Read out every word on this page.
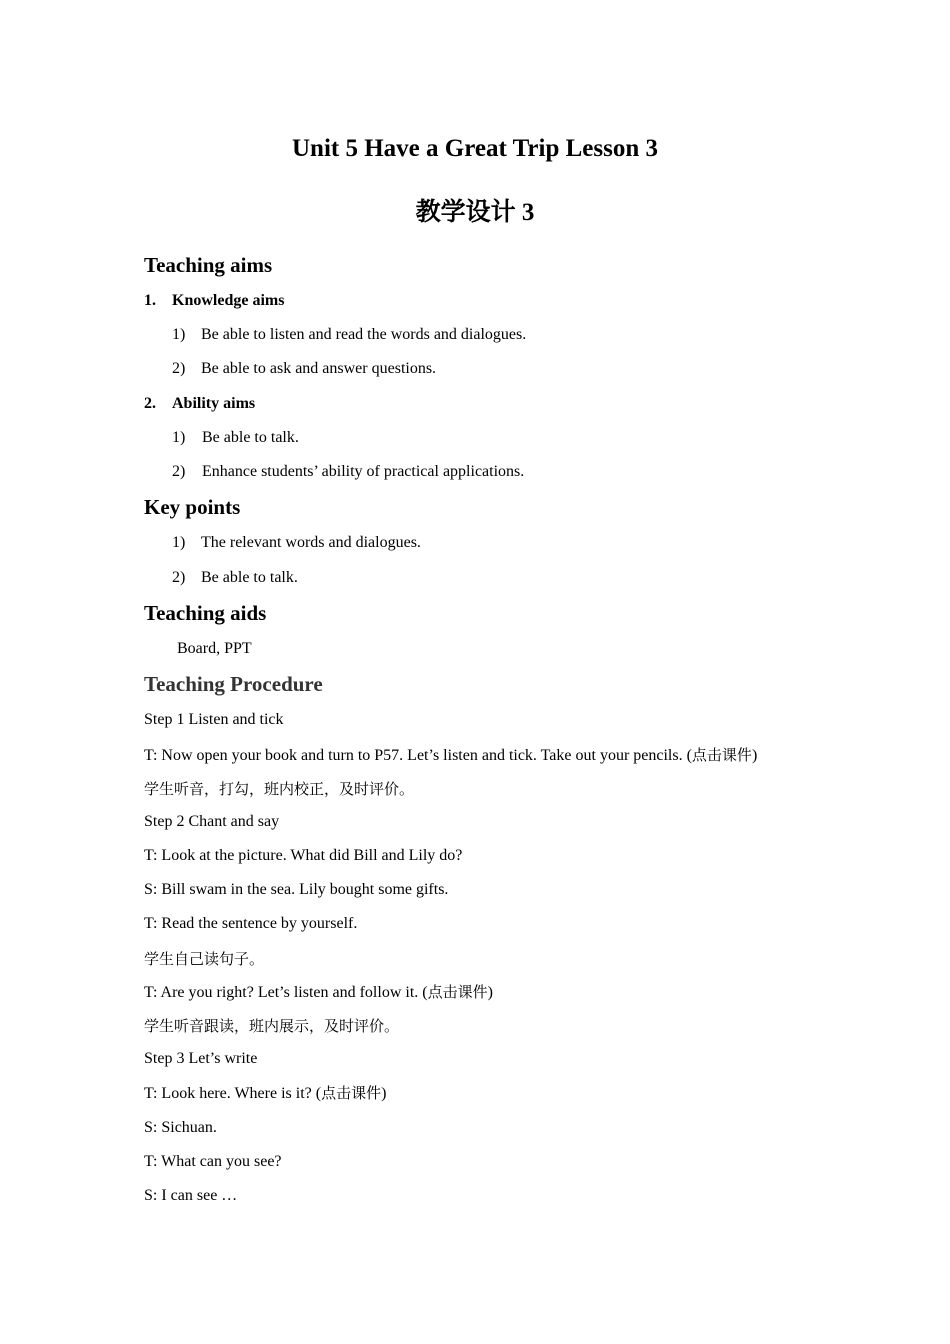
Unit 5 Have a Great Trip Lesson 3
教学设计 3
Teaching aims
1. Knowledge aims
1) Be able to listen and read the words and dialogues.
2) Be able to ask and answer questions.
2. Ability aims
1) Be able to talk.
2) Enhance students’ ability of practical applications.
Key points
1) The relevant words and dialogues.
2) Be able to talk.
Teaching aids
Board, PPT
Teaching Procedure
Step 1 Listen and tick
T: Now open your book and turn to P57. Let’s listen and tick. Take out your pencils. (点击课件)
学生听音，打勾，班内校正，及时评价。
Step 2 Chant and say
T: Look at the picture. What did Bill and Lily do?
S: Bill swam in the sea. Lily bought some gifts.
T: Read the sentence by yourself.
学生自己读句子。
T: Are you right? Let’s listen and follow it. (点击课件)
学生听音跟读，班内展示，及时评价。
Step 3 Let’s write
T: Look here. Where is it? (点击课件)
S: Sichuan.
T: What can you see?
S: I can see …
